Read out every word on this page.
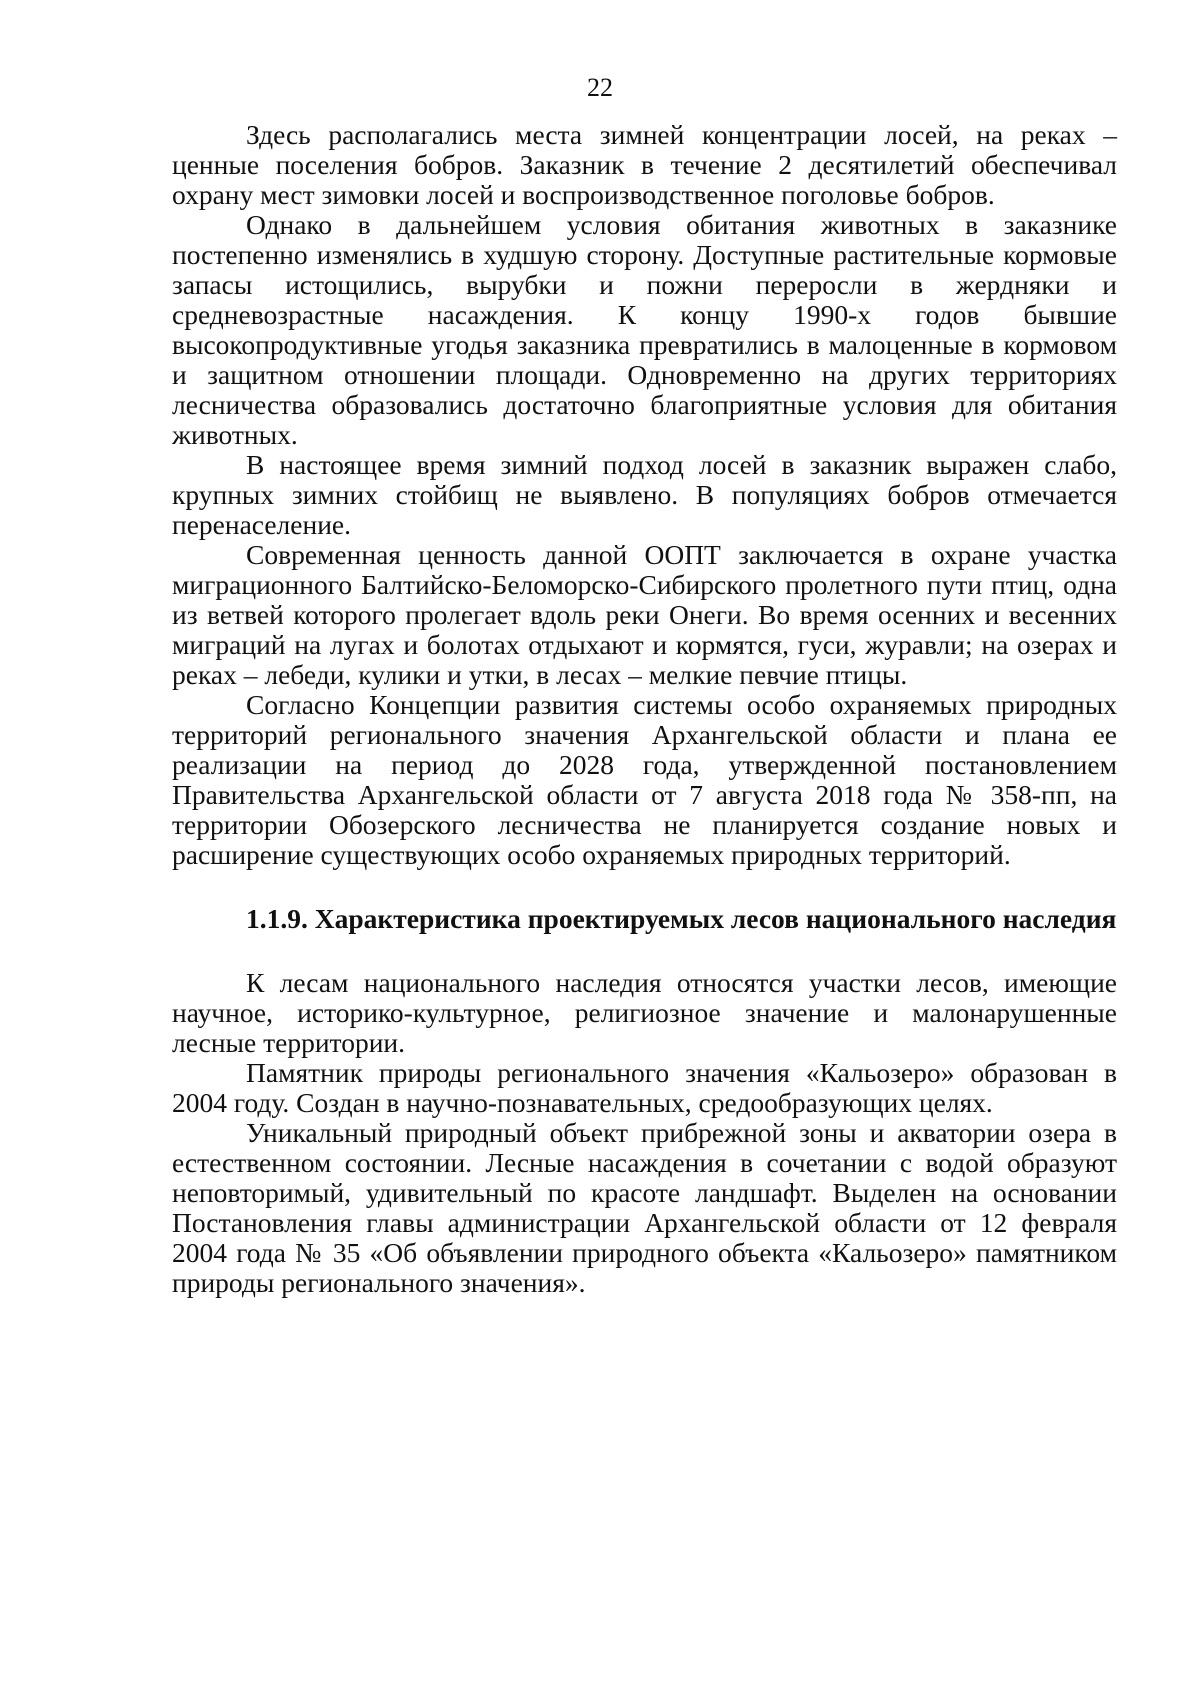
22

Здесь располагались места зимней концентрации лосей, на реках – ценные поселения бобров. Заказник в течение 2 десятилетий обеспечивал охрану мест зимовки лосей и воспроизводственное поголовье бобров.

Однако в дальнейшем условия обитания животных в заказнике постепенно изменялись в худшую сторону. Доступные растительные кормовые запасы истощились, вырубки и пожни переросли в жердняки и средневозрастные насаждения. К концу 1990-х годов бывшие высокопродуктивные угодья заказника превратились в малоценные в кормовом и защитном отношении площади. Одновременно на других территориях лесничества образовались достаточно благоприятные условия для обитания животных.

В настоящее время зимний подход лосей в заказник выражен слабо, крупных зимних стойбищ не выявлено. В популяциях бобров отмечается перенаселение.

Современная ценность данной ООПТ заключается в охране участка миграционного Балтийско-Беломорско-Сибирского пролетного пути птиц, одна из ветвей которого пролегает вдоль реки Онеги. Во время осенних и весенних миграций на лугах и болотах отдыхают и кормятся, гуси, журавли; на озерах и реках – лебеди, кулики и утки, в лесах – мелкие певчие птицы.

Согласно Концепции развития системы особо охраняемых природных территорий регионального значения Архангельской области и плана ее реализации на период до 2028 года, утвержденной постановлением Правительства Архангельской области от 7 августа 2018 года № 358-пп, на территории Обозерского лесничества не планируется создание новых и расширение существующих особо охраняемых природных территорий.

1.1.9. Характеристика проектируемых лесов национального наследия

К лесам национального наследия относятся участки лесов, имеющие научное, историко-культурное, религиозное значение и малонарушенные лесные территории.

Памятник природы регионального значения «Кальозеро» образован в 2004 году. Создан в научно-познавательных, средообразующих целях.

Уникальный природный объект прибрежной зоны и акватории озера в естественном состоянии. Лесные насаждения в сочетании с водой образуют неповторимый, удивительный по красоте ландшафт. Выделен на основании Постановления главы администрации Архангельской области от 12 февраля 2004 года № 35 «Об объявлении природного объекта «Кальозеро» памятником природы регионального значения».
